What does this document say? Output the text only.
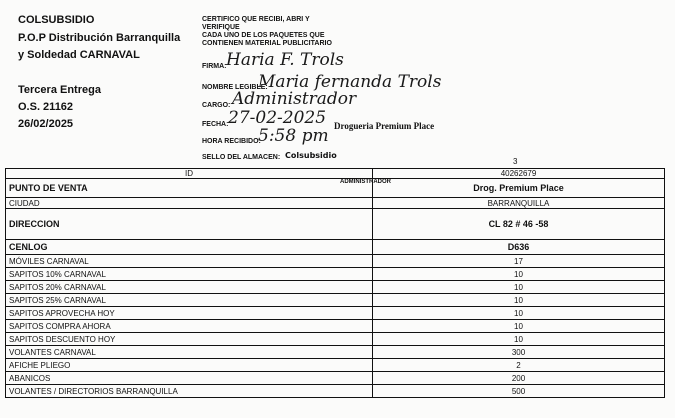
COLSUBSIDIO
P.O.P Distribución Barranquilla
y Soldedad CARNAVAL
Tercera Entrega
O.S. 21162
26/02/2025
CERTIFICO QUE RECIBI, ABRI Y
VERIFIQUE
CADA UNO DE LOS PAQUETES QUE
CONTIENEN MATERIAL PUBLICITARIO
FIRMA: Haria F. Trols
NOMBRE LEGIBLE:
Maria fernanda Trols
CARGO: Administrador
FECHA: 27-02-2025 Drogueria Premium Place
HORA RECIBIDO:
5:58 pm
SELLO DEL ALMACEN: Colsubsidio
3
ADMINISTRADOR
ID	40262679
PUNTO DE VENTA	Drog. Premium Place
CIUDAD	BARRANQUILLA
DIRECCION	CL 82 # 46 -58
CENLOG	D636
MÓVILES CARNAVAL	17
SAPITOS 10% CARNAVAL	10
SAPITOS 20% CARNAVAL	10
SAPITOS 25% CARNAVAL	10
SAPITOS APROVECHA HOY	10
SAPITOS COMPRA AHORA	10
SAPITOS DESCUENTO HOY	10
VOLANTES CARNAVAL	300
AFICHE PLIEGO	2
ABANICOS	200
VOLANTES / DIRECTORIOS BARRANQUILLA	500
